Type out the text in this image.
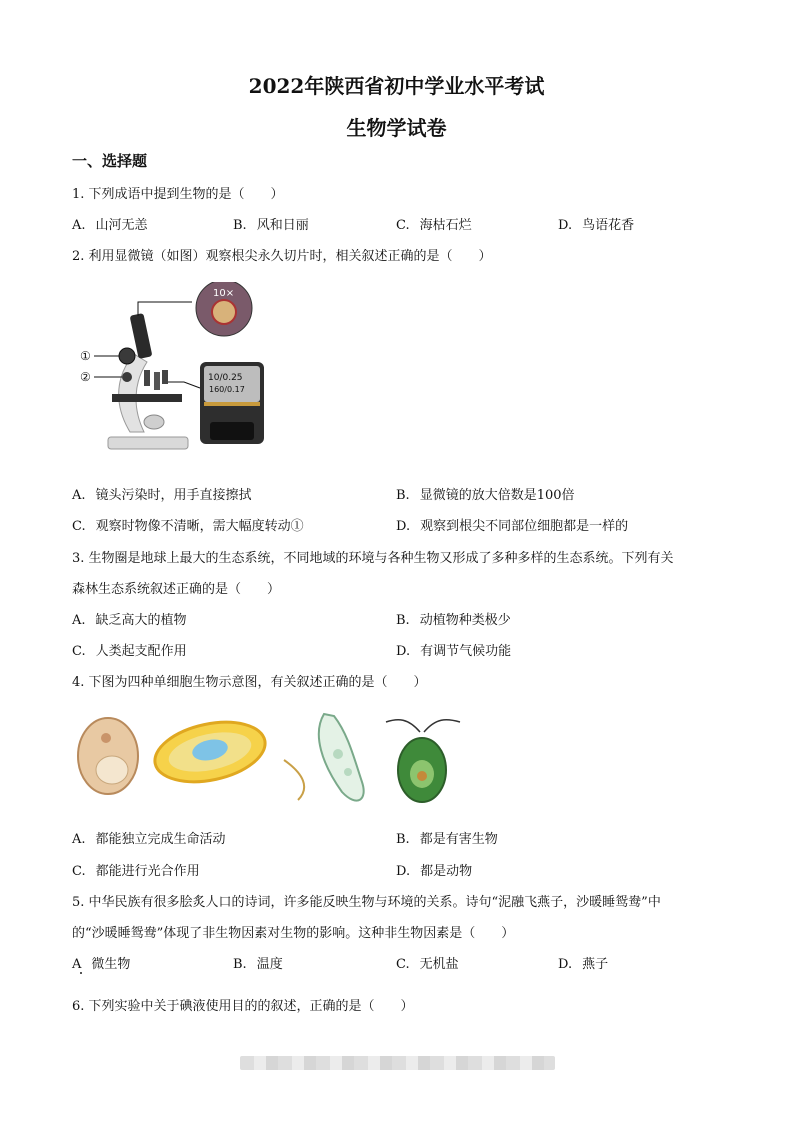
2022年陕西省初中学业水平考试
生物学试卷
一、选择题
1. 下列成语中提到生物的是（　　）
A. 山河无恙	B. 风和日丽	C. 海枯石烂	D. 鸟语花香
2. 利用显微镜（如图）观察根尖永久切片时，相关叙述正确的是（　　）
①
②
10×
10/0.25
160/0.17
A. 镜头污染时，用手直接擦拭	B. 显微镜的放大倍数是100倍
C. 观察时物像不清晰，需大幅度转动①	D. 观察到根尖不同部位细胞都是一样的
3. 生物圈是地球上最大的生态系统，不同地域的环境与各种生物又形成了多种多样的生态系统。下列有关
森林生态系统叙述正确的是（　　）
A. 缺乏高大的植物	B. 动植物种类极少
C. 人类起支配作用	D. 有调节气候功能
4. 下图为四种单细胞生物示意图，有关叙述正确的是（　　）
A. 都能独立完成生命活动	B. 都是有害生物
C. 都能进行光合作用	D. 都是动物
5. 中华民族有很多脍炙人口的诗词，许多能反映生物与环境的关系。诗句“泥融飞燕子，沙暖睡鸳鸯”中
的“沙暖睡鸳鸯”体现了非生物因素对生物的影响。这种非生物因素是（　　）
A 微生物	B. 温度	C. 无机盐	D. 燕子
6. 下列实验中关于碘液使用目的的叙述，正确的是（　　）
